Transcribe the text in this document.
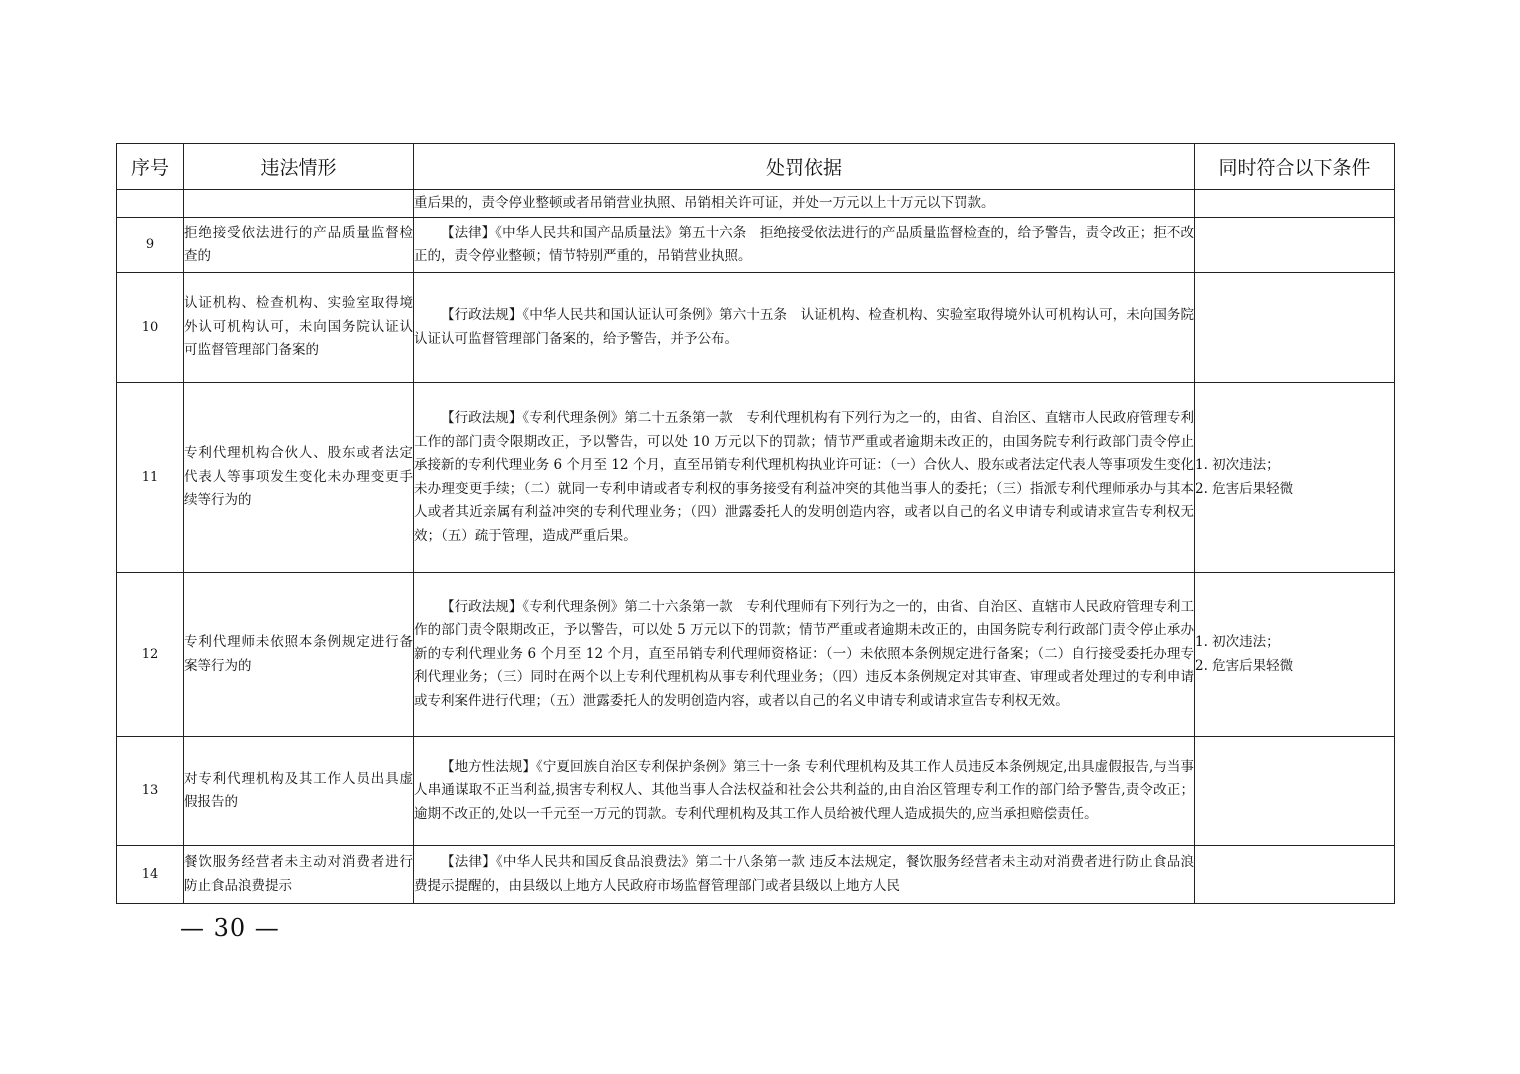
序号	违法情形	处罚依据	同时符合以下条件

		重后果的，责令停业整顿或者吊销营业执照、吊销相关许可证，并处一万元以上十万元以下罚款。	

9	拒绝接受依法进行的产品质量监督检查的	【法律】《中华人民共和国产品质量法》第五十六条　拒绝接受依法进行的产品质量监督检查的，给予警告，责令改正；拒不改正的，责令停业整顿；情节特别严重的，吊销营业执照。	

10	认证机构、检查机构、实验室取得境外认可机构认可，未向国务院认证认可监督管理部门备案的	【行政法规】《中华人民共和国认证认可条例》第六十五条　认证机构、检查机构、实验室取得境外认可机构认可，未向国务院认证认可监督管理部门备案的，给予警告，并予公布。	

11	专利代理机构合伙人、股东或者法定代表人等事项发生变化未办理变更手续等行为的	【行政法规】《专利代理条例》第二十五条第一款　专利代理机构有下列行为之一的，由省、自治区、直辖市人民政府管理专利工作的部门责令限期改正，予以警告，可以处 10 万元以下的罚款；情节严重或者逾期未改正的，由国务院专利行政部门责令停止承接新的专利代理业务 6 个月至 12 个月，直至吊销专利代理机构执业许可证：（一）合伙人、股东或者法定代表人等事项发生变化未办理变更手续；（二）就同一专利申请或者专利权的事务接受有利益冲突的其他当事人的委托；（三）指派专利代理师承办与其本人或者其近亲属有利益冲突的专利代理业务；（四）泄露委托人的发明创造内容，或者以自己的名义申请专利或请求宣告专利权无效；（五）疏于管理，造成严重后果。	1. 初次违法；
2. 危害后果轻微

12	专利代理师未依照本条例规定进行备案等行为的	【行政法规】《专利代理条例》第二十六条第一款　专利代理师有下列行为之一的，由省、自治区、直辖市人民政府管理专利工作的部门责令限期改正，予以警告，可以处 5 万元以下的罚款；情节严重或者逾期未改正的，由国务院专利行政部门责令停止承办新的专利代理业务 6 个月至 12 个月，直至吊销专利代理师资格证：（一）未依照本条例规定进行备案；（二）自行接受委托办理专利代理业务；（三）同时在两个以上专利代理机构从事专利代理业务；（四）违反本条例规定对其审查、审理或者处理过的专利申请或专利案件进行代理；（五）泄露委托人的发明创造内容，或者以自己的名义申请专利或请求宣告专利权无效。	1. 初次违法；
2. 危害后果轻微

13	对专利代理机构及其工作人员出具虚假报告的	【地方性法规】《宁夏回族自治区专利保护条例》第三十一条 专利代理机构及其工作人员违反本条例规定,出具虚假报告,与当事人串通谋取不正当利益,损害专利权人、其他当事人合法权益和社会公共利益的,由自治区管理专利工作的部门给予警告,责令改正；逾期不改正的,处以一千元至一万元的罚款。专利代理机构及其工作人员给被代理人造成损失的,应当承担赔偿责任。	

14	餐饮服务经营者未主动对消费者进行防止食品浪费提示	【法律】《中华人民共和国反食品浪费法》第二十八条第一款 违反本法规定，餐饮服务经营者未主动对消费者进行防止食品浪费提示提醒的，由县级以上地方人民政府市场监督管理部门或者县级以上地方人民	

— 30 —
